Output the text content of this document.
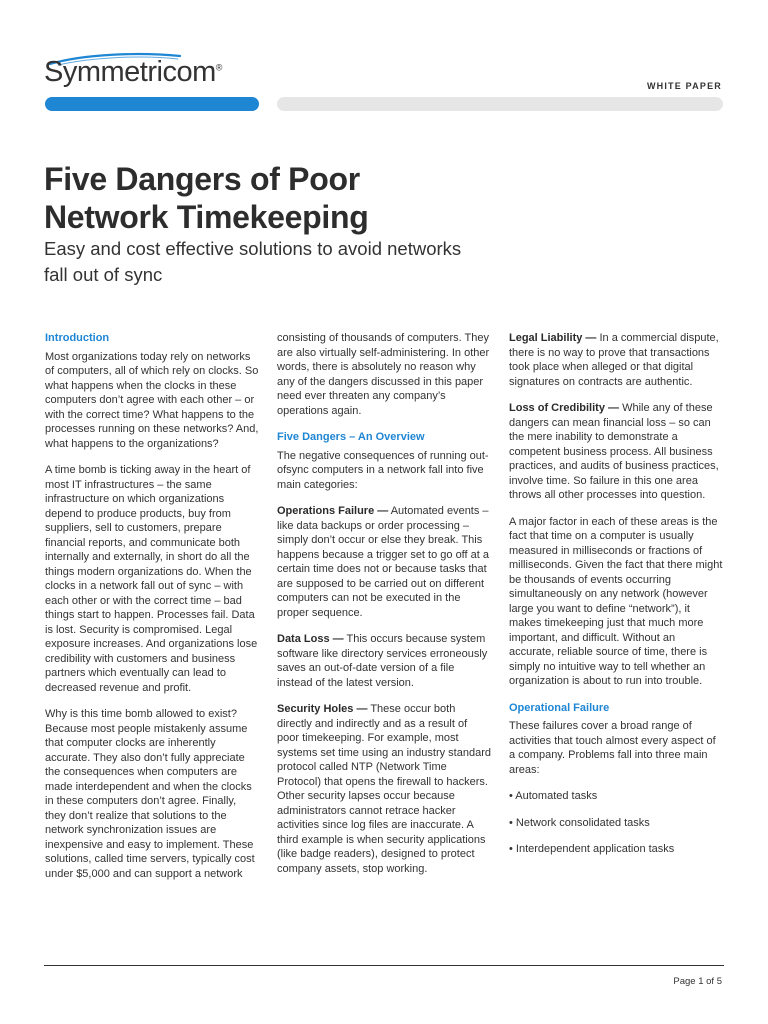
Symmetricom®
WHITE PAPER
Five Dangers of Poor
Network Timekeeping

Easy and cost effective solutions to avoid networks fall out of sync

Introduction

Most organizations today rely on networks of computers, all of which rely on clocks. So what happens when the clocks in these computers don’t agree with each other – or with the correct time? What happens to the processes running on these networks? And, what happens to the organizations?

A time bomb is ticking away in the heart of most IT infrastructures – the same infrastructure on which organizations depend to produce products, buy from suppliers, sell to customers, prepare financial reports, and communicate both internally and externally, in short do all the things modern organizations do. When the clocks in a network fall out of sync – with each other or with the correct time – bad things start to happen. Processes fail. Data is lost. Security is compromised. Legal exposure increases. And organizations lose credibility with customers and business partners which eventually can lead to decreased revenue and profit.

Why is this time bomb allowed to exist? Because most people mistakenly assume that computer clocks are inherently accurate. They also don’t fully appreciate the consequences when computers are made interdependent and when the clocks in these computers don’t agree. Finally, they don’t realize that solutions to the network synchronization issues are inexpensive and easy to implement. These solutions, called time servers, typically cost under $5,000 and can support a network

consisting of thousands of computers. They are also virtually self-administering. In other words, there is absolutely no reason why any of the dangers discussed in this paper need ever threaten any company’s operations again.

Five Dangers – An Overview

The negative consequences of running out-ofsync computers in a network fall into five main categories:

Operations Failure — Automated events – like data backups or order processing – simply don’t occur or else they break. This happens because a trigger set to go off at a certain time does not or because tasks that are supposed to be carried out on different computers can not be executed in the proper sequence.

Data Loss — This occurs because system software like directory services erroneously saves an out-of-date version of a file instead of the latest version.

Security Holes — These occur both directly and indirectly and as a result of poor timekeeping. For example, most systems set time using an industry standard protocol called NTP (Network Time Protocol) that opens the firewall to hackers. Other security lapses occur because administrators cannot retrace hacker activities since log files are inaccurate. A third example is when security applications (like badge readers), designed to protect company assets, stop working.

Legal Liability — In a commercial dispute, there is no way to prove that transactions took place when alleged or that digital signatures on contracts are authentic.

Loss of Credibility — While any of these dangers can mean financial loss – so can the mere inability to demonstrate a competent business process. All business practices, and audits of business practices, involve time. So failure in this one area throws all other processes into question.

A major factor in each of these areas is the fact that time on a computer is usually measured in milliseconds or fractions of milliseconds. Given the fact that there might be thousands of events occurring simultaneously on any network (however large you want to define “network”), it makes timekeeping just that much more important, and difficult. Without an accurate, reliable source of time, there is simply no intuitive way to tell whether an organization is about to run into trouble.

Operational Failure

These failures cover a broad range of activities that touch almost every aspect of a company. Problems fall into three main areas:

• Automated tasks
• Network consolidated tasks
• Interdependent application tasks
Page 1 of 5
